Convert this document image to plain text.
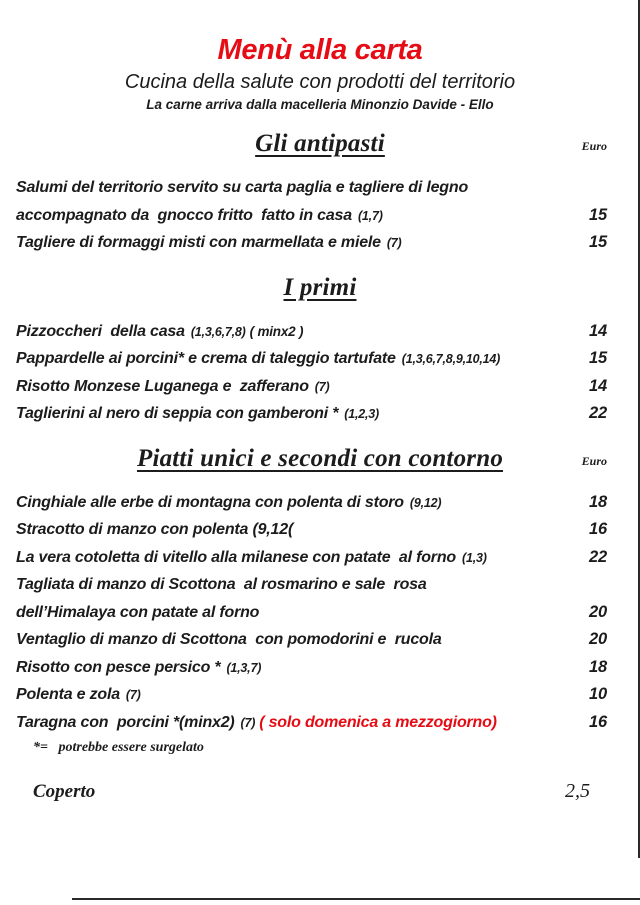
Menù alla carta
Cucina della salute con prodotti del territorio
La carne arriva dalla macelleria Minonzio Davide - Ello
Gli antipasti	Euro
Salumi del territorio servito su carta paglia e tagliere di legno
accompagnato da  gnocco fritto  fatto in casa (1,7)	15
Tagliere di formaggi misti con marmellata e miele (7)	15
I primi
Pizzoccheri  della casa (1,3,6,7,8) ( minx2 )	14
Pappardelle ai porcini* e crema di taleggio tartufate (1,3,6,7,8,9,10,14)	15
Risotto Monzese Luganega e  zafferano (7)	14
Taglierini al nero di seppia con gamberoni * (1,2,3)	22
Piatti unici e secondi con contorno	Euro
Cinghiale alle erbe di montagna con polenta di storo (9,12)	18
Stracotto di manzo con polenta (9,12(	16
La vera cotoletta di vitello alla milanese con patate  al forno (1,3)	22
Tagliata di manzo di Scottona  al rosmarino e sale  rosa
dell’Himalaya con patate al forno	20
Ventaglio di manzo di Scottona  con pomodorini e  rucola	20
Risotto con pesce persico * (1,3,7)	18
Polenta e zola (7)	10
Taragna con  porcini *(minx2) (7) ( solo domenica a mezzogiorno)	16
*=   potrebbe essere surgelato
Coperto	2,5
